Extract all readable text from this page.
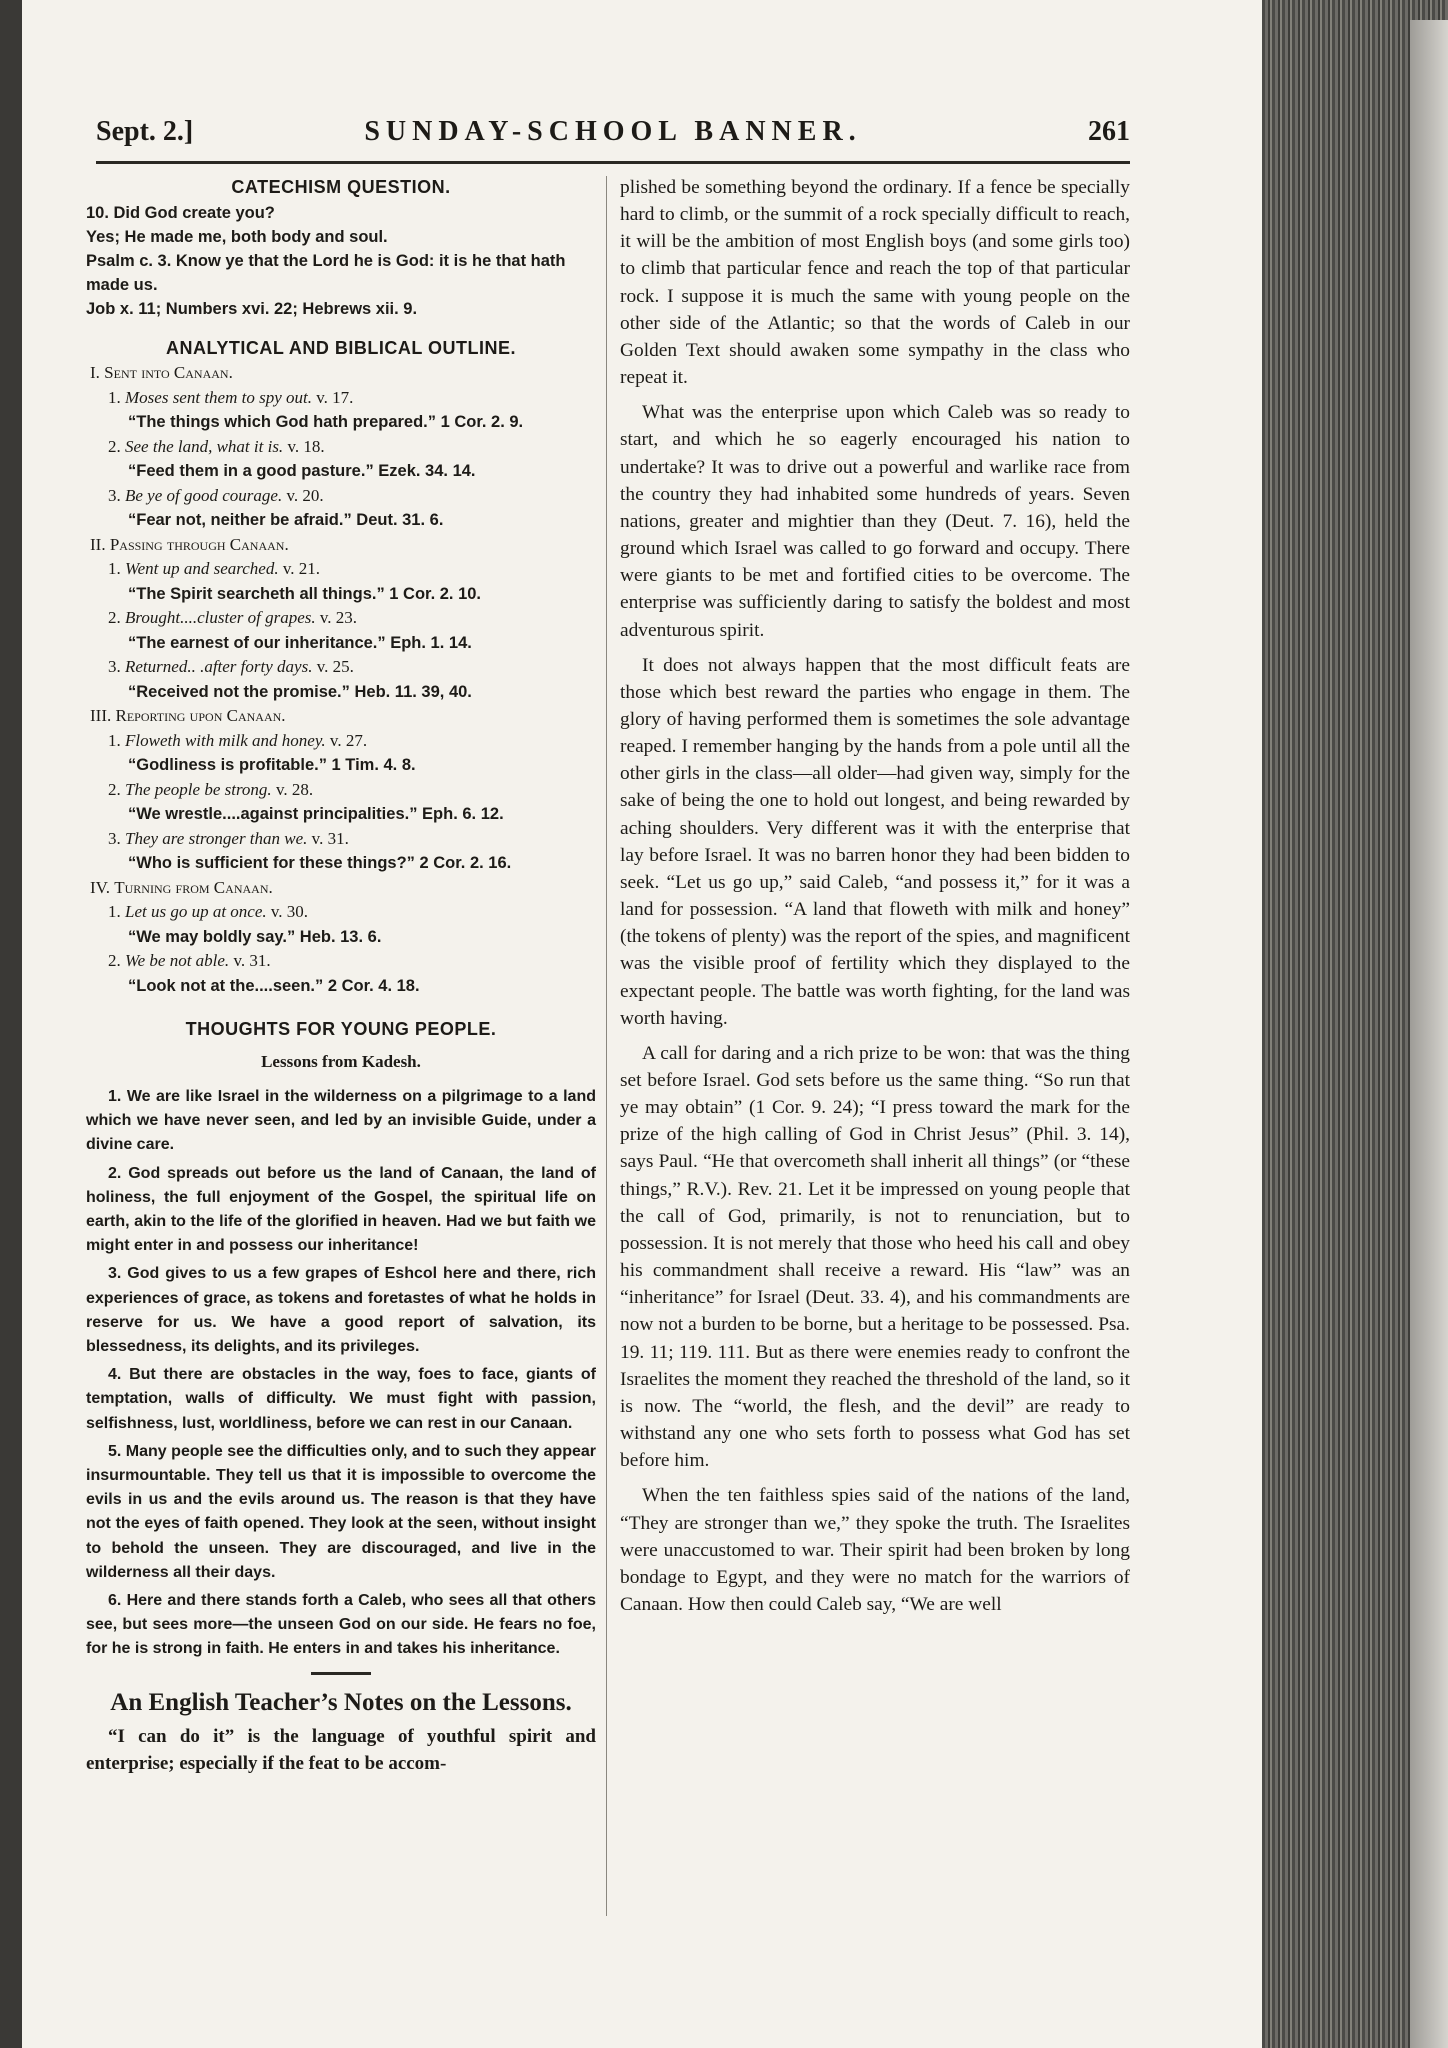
Sept. 2.]	SUNDAY-SCHOOL BANNER.	261
CATECHISM QUESTION.

10. Did God create you?

Yes; He made me, both body and soul.

Psalm c. 3. Know ye that the Lord he is God: it is he that hath made us.

Job x. 11; Numbers xvi. 22; Hebrews xii. 9.

ANALYTICAL AND BIBLICAL OUTLINE.

I. Sent into Canaan.

1. Moses sent them to spy out. v. 17.

“The things which God hath prepared.” 1 Cor. 2. 9.

2. See the land, what it is. v. 18.

“Feed them in a good pasture.” Ezek. 34. 14.

3. Be ye of good courage. v. 20.

“Fear not, neither be afraid.” Deut. 31. 6.

II. Passing through Canaan.

1. Went up and searched. v. 21.

“The Spirit searcheth all things.” 1 Cor. 2. 10.

2. Brought....cluster of grapes. v. 23.

“The earnest of our inheritance.” Eph. 1. 14.

3. Returned.. .after forty days. v. 25.

“Received not the promise.” Heb. 11. 39, 40.

III. Reporting upon Canaan.

1. Floweth with milk and honey. v. 27.

“Godliness is profitable.” 1 Tim. 4. 8.

2. The people be strong. v. 28.

“We wrestle....against principalities.” Eph. 6. 12.

3. They are stronger than we. v. 31.

“Who is sufficient for these things?” 2 Cor. 2. 16.

IV. Turning from Canaan.

1. Let us go up at once. v. 30.

“We may boldly say.” Heb. 13. 6.

2. We be not able. v. 31.

“Look not at the....seen.” 2 Cor. 4. 18.

THOUGHTS FOR YOUNG PEOPLE.
Lessons from Kadesh.

1. We are like Israel in the wilderness on a pilgrimage to a land which we have never seen, and led by an invisible Guide, under a divine care.

2. God spreads out before us the land of Canaan, the land of holiness, the full enjoyment of the Gospel, the spiritual life on earth, akin to the life of the glorified in heaven. Had we but faith we might enter in and possess our inheritance!

3. God gives to us a few grapes of Eshcol here and there, rich experiences of grace, as tokens and foretastes of what he holds in reserve for us. We have a good report of salvation, its blessedness, its delights, and its privileges.

4. But there are obstacles in the way, foes to face, giants of temptation, walls of difficulty. We must fight with passion, selfishness, lust, worldliness, before we can rest in our Canaan.

5. Many people see the difficulties only, and to such they appear insurmountable. They tell us that it is impossible to overcome the evils in us and the evils around us. The reason is that they have not the eyes of faith opened. They look at the seen, without insight to behold the unseen. They are discouraged, and live in the wilderness all their days.

6. Here and there stands forth a Caleb, who sees all that others see, but sees more—the unseen God on our side. He fears no foe, for he is strong in faith. He enters in and takes his inheritance.

An English Teacher’s Notes on the Lessons.

“I can do it” is the language of youthful spirit and enterprise; especially if the feat to be accom-

plished be something beyond the ordinary. If a fence be specially hard to climb, or the summit of a rock specially difficult to reach, it will be the ambition of most English boys (and some girls too) to climb that particular fence and reach the top of that particular rock. I suppose it is much the same with young people on the other side of the Atlantic; so that the words of Caleb in our Golden Text should awaken some sympathy in the class who repeat it.

What was the enterprise upon which Caleb was so ready to start, and which he so eagerly encouraged his nation to undertake? It was to drive out a powerful and warlike race from the country they had inhabited some hundreds of years. Seven nations, greater and mightier than they (Deut. 7. 16), held the ground which Israel was called to go forward and occupy. There were giants to be met and fortified cities to be overcome. The enterprise was sufficiently daring to satisfy the boldest and most adventurous spirit.

It does not always happen that the most difficult feats are those which best reward the parties who engage in them. The glory of having performed them is sometimes the sole advantage reaped. I remember hanging by the hands from a pole until all the other girls in the class—all older—had given way, simply for the sake of being the one to hold out longest, and being rewarded by aching shoulders. Very different was it with the enterprise that lay before Israel. It was no barren honor they had been bidden to seek. “Let us go up,” said Caleb, “and possess it,” for it was a land for possession. “A land that floweth with milk and honey” (the tokens of plenty) was the report of the spies, and magnificent was the visible proof of fertility which they displayed to the expectant people. The battle was worth fighting, for the land was worth having.

A call for daring and a rich prize to be won: that was the thing set before Israel. God sets before us the same thing. “So run that ye may obtain” (1 Cor. 9. 24); “I press toward the mark for the prize of the high calling of God in Christ Jesus” (Phil. 3. 14), says Paul. “He that overcometh shall inherit all things” (or “these things,” R.V.). Rev. 21. Let it be impressed on young people that the call of God, primarily, is not to renunciation, but to possession. It is not merely that those who heed his call and obey his commandment shall receive a reward. His “law” was an “inheritance” for Israel (Deut. 33. 4), and his commandments are now not a burden to be borne, but a heritage to be possessed. Psa. 19. 11; 119. 111. But as there were enemies ready to confront the Israelites the moment they reached the threshold of the land, so it is now. The “world, the flesh, and the devil” are ready to withstand any one who sets forth to possess what God has set before him.

When the ten faithless spies said of the nations of the land, “They are stronger than we,” they spoke the truth. The Israelites were unaccustomed to war. Their spirit had been broken by long bondage to Egypt, and they were no match for the warriors of Canaan. How then could Caleb say, “We are well
